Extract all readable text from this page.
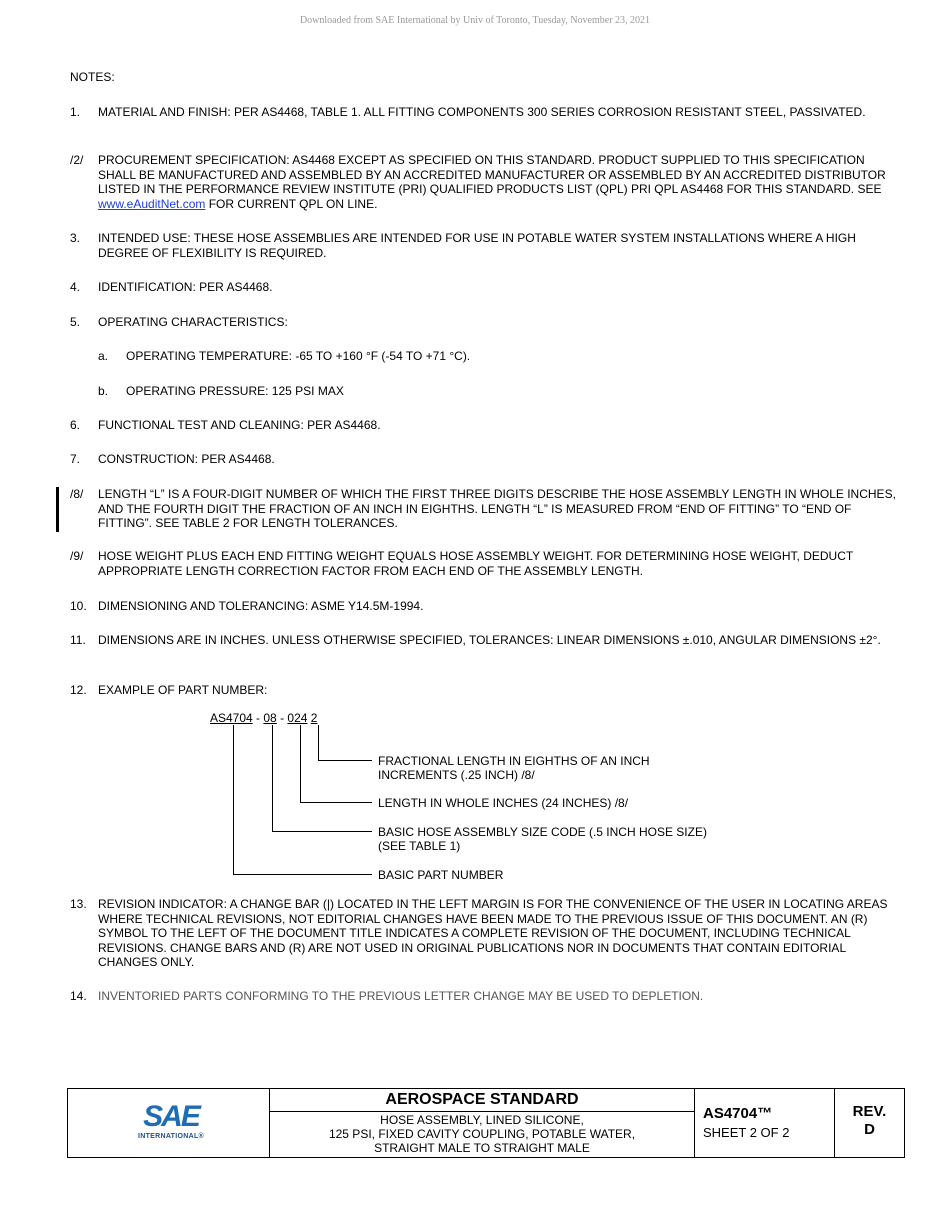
Downloaded from SAE International by Univ of Toronto, Tuesday, November 23, 2021
NOTES:
1. MATERIAL AND FINISH: PER AS4468, TABLE 1. ALL FITTING COMPONENTS 300 SERIES CORROSION RESISTANT STEEL, PASSIVATED.
/2/ PROCUREMENT SPECIFICATION: AS4468 EXCEPT AS SPECIFIED ON THIS STANDARD. PRODUCT SUPPLIED TO THIS SPECIFICATION SHALL BE MANUFACTURED AND ASSEMBLED BY AN ACCREDITED MANUFACTURER OR ASSEMBLED BY AN ACCREDITED DISTRIBUTOR LISTED IN THE PERFORMANCE REVIEW INSTITUTE (PRI) QUALIFIED PRODUCTS LIST (QPL) PRI QPL AS4468 FOR THIS STANDARD. SEE www.eAuditNet.com FOR CURRENT QPL ON LINE.
3. INTENDED USE: THESE HOSE ASSEMBLIES ARE INTENDED FOR USE IN POTABLE WATER SYSTEM INSTALLATIONS WHERE A HIGH DEGREE OF FLEXIBILITY IS REQUIRED.
4. IDENTIFICATION: PER AS4468.
5. OPERATING CHARACTERISTICS:
a. OPERATING TEMPERATURE: -65 TO +160 °F (-54 TO +71 °C).
b. OPERATING PRESSURE: 125 PSI MAX
6. FUNCTIONAL TEST AND CLEANING: PER AS4468.
7. CONSTRUCTION: PER AS4468.
/8/ LENGTH “L” IS A FOUR-DIGIT NUMBER OF WHICH THE FIRST THREE DIGITS DESCRIBE THE HOSE ASSEMBLY LENGTH IN WHOLE INCHES, AND THE FOURTH DIGIT THE FRACTION OF AN INCH IN EIGHTHS. LENGTH “L” IS MEASURED FROM “END OF FITTING” TO “END OF FITTING”. SEE TABLE 2 FOR LENGTH TOLERANCES.
/9/ HOSE WEIGHT PLUS EACH END FITTING WEIGHT EQUALS HOSE ASSEMBLY WEIGHT. FOR DETERMINING HOSE WEIGHT, DEDUCT APPROPRIATE LENGTH CORRECTION FACTOR FROM EACH END OF THE ASSEMBLY LENGTH.
10. DIMENSIONING AND TOLERANCING: ASME Y14.5M-1994.
11. DIMENSIONS ARE IN INCHES. UNLESS OTHERWISE SPECIFIED, TOLERANCES: LINEAR DIMENSIONS ±.010, ANGULAR DIMENSIONS ±2°.
12. EXAMPLE OF PART NUMBER:
AS4704 - 08 - 024 2
FRACTIONAL LENGTH IN EIGHTHS OF AN INCH
INCREMENTS (.25 INCH) /8/
LENGTH IN WHOLE INCHES (24 INCHES) /8/
BASIC HOSE ASSEMBLY SIZE CODE (.5 INCH HOSE SIZE)
(SEE TABLE 1)
BASIC PART NUMBER
13. REVISION INDICATOR: A CHANGE BAR (|) LOCATED IN THE LEFT MARGIN IS FOR THE CONVENIENCE OF THE USER IN LOCATING AREAS WHERE TECHNICAL REVISIONS, NOT EDITORIAL CHANGES HAVE BEEN MADE TO THE PREVIOUS ISSUE OF THIS DOCUMENT. AN (R) SYMBOL TO THE LEFT OF THE DOCUMENT TITLE INDICATES A COMPLETE REVISION OF THE DOCUMENT, INCLUDING TECHNICAL REVISIONS. CHANGE BARS AND (R) ARE NOT USED IN ORIGINAL PUBLICATIONS NOR IN DOCUMENTS THAT CONTAIN EDITORIAL CHANGES ONLY.
14. INVENTORIED PARTS CONFORMING TO THE PREVIOUS LETTER CHANGE MAY BE USED TO DEPLETION.
SAE
INTERNATIONAL®
AEROSPACE STANDARD
HOSE ASSEMBLY, LINED SILICONE,
125 PSI, FIXED CAVITY COUPLING, POTABLE WATER,
STRAIGHT MALE TO STRAIGHT MALE
AS4704™
SHEET 2 OF 2
REV.
D
